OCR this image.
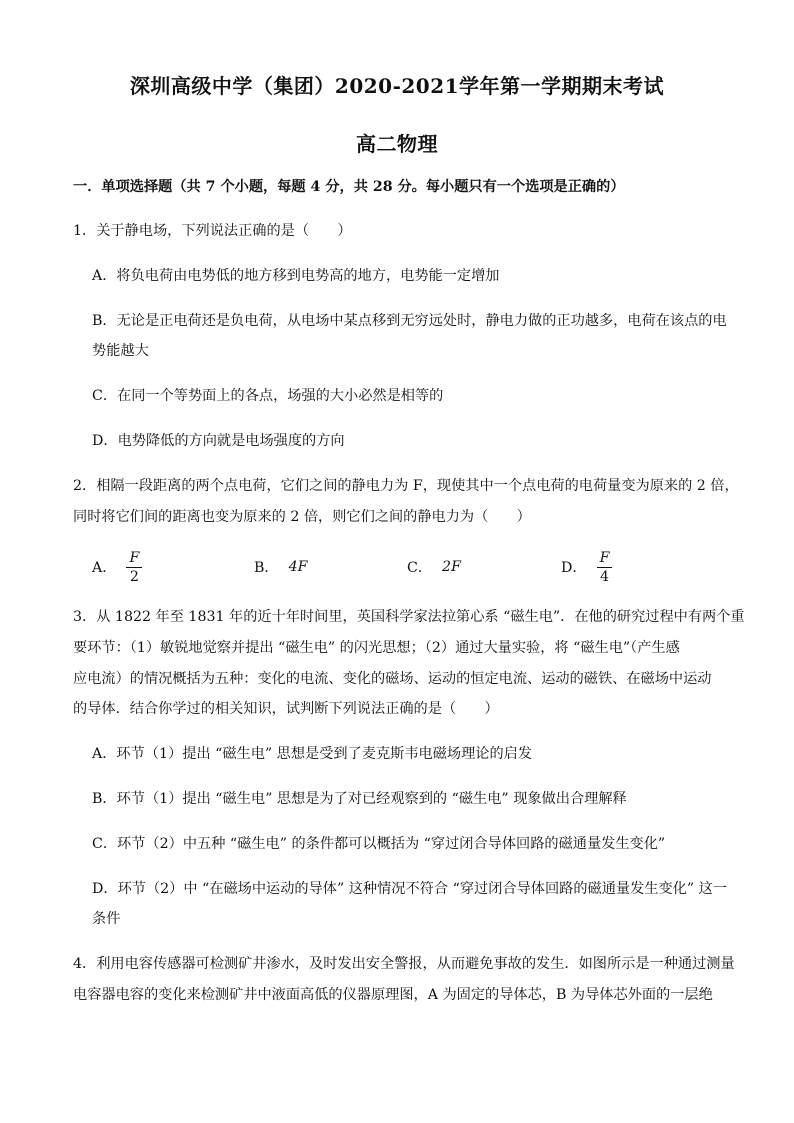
深圳高级中学（集团）2020-2021学年第一学期期末考试
高二物理
一．单项选择题（共 7 个小题，每题 4 分，共 28 分。每小题只有一个选项是正确的）
1．关于静电场，下列说法正确的是（　　）
A．将负电荷由电势低的地方移到电势高的地方，电势能一定增加
B．无论是正电荷还是负电荷，从电场中某点移到无穷远处时，静电力做的正功越多，电荷在该点的电
势能越大
C．在同一个等势面上的各点，场强的大小必然是相等的
D．电势降低的方向就是电场强度的方向
2．相隔一段距离的两个点电荷，它们之间的静电力为 F，现使其中一个点电荷的电荷量变为原来的 2 倍，
同时将它们间的距离也变为原来的 2 倍，则它们之间的静电力为（　　）
A． $\frac{F}{2}$	B． 4F	C． 2F	D． $\frac{F}{4}$
3．从 1822 年至 1831 年的近十年时间里，英国科学家法拉第心系 “磁生电”．在他的研究过程中有两个重
要环节：（1）敏锐地觉察并提出 “磁生电” 的闪光思想；（2）通过大量实验，将 “磁生电”（产生感
应电流）的情况概括为五种：变化的电流、变化的磁场、运动的恒定电流、运动的磁铁、在磁场中运动
的导体．结合你学过的相关知识，试判断下列说法正确的是（　　）
A．环节（1）提出 “磁生电” 思想是受到了麦克斯韦电磁场理论的启发
B．环节（1）提出 “磁生电” 思想是为了对已经观察到的 “磁生电” 现象做出合理解释
C．环节（2）中五种 “磁生电” 的条件都可以概括为 “穿过闭合导体回路的磁通量发生变化”
D．环节（2）中 “在磁场中运动的导体” 这种情况不符合 “穿过闭合导体回路的磁通量发生变化” 这一
条件
4．利用电容传感器可检测矿井渗水，及时发出安全警报，从而避免事故的发生．如图所示是一种通过测量
电容器电容的变化来检测矿井中液面高低的仪器原理图，A 为固定的导体芯，B 为导体芯外面的一层绝
